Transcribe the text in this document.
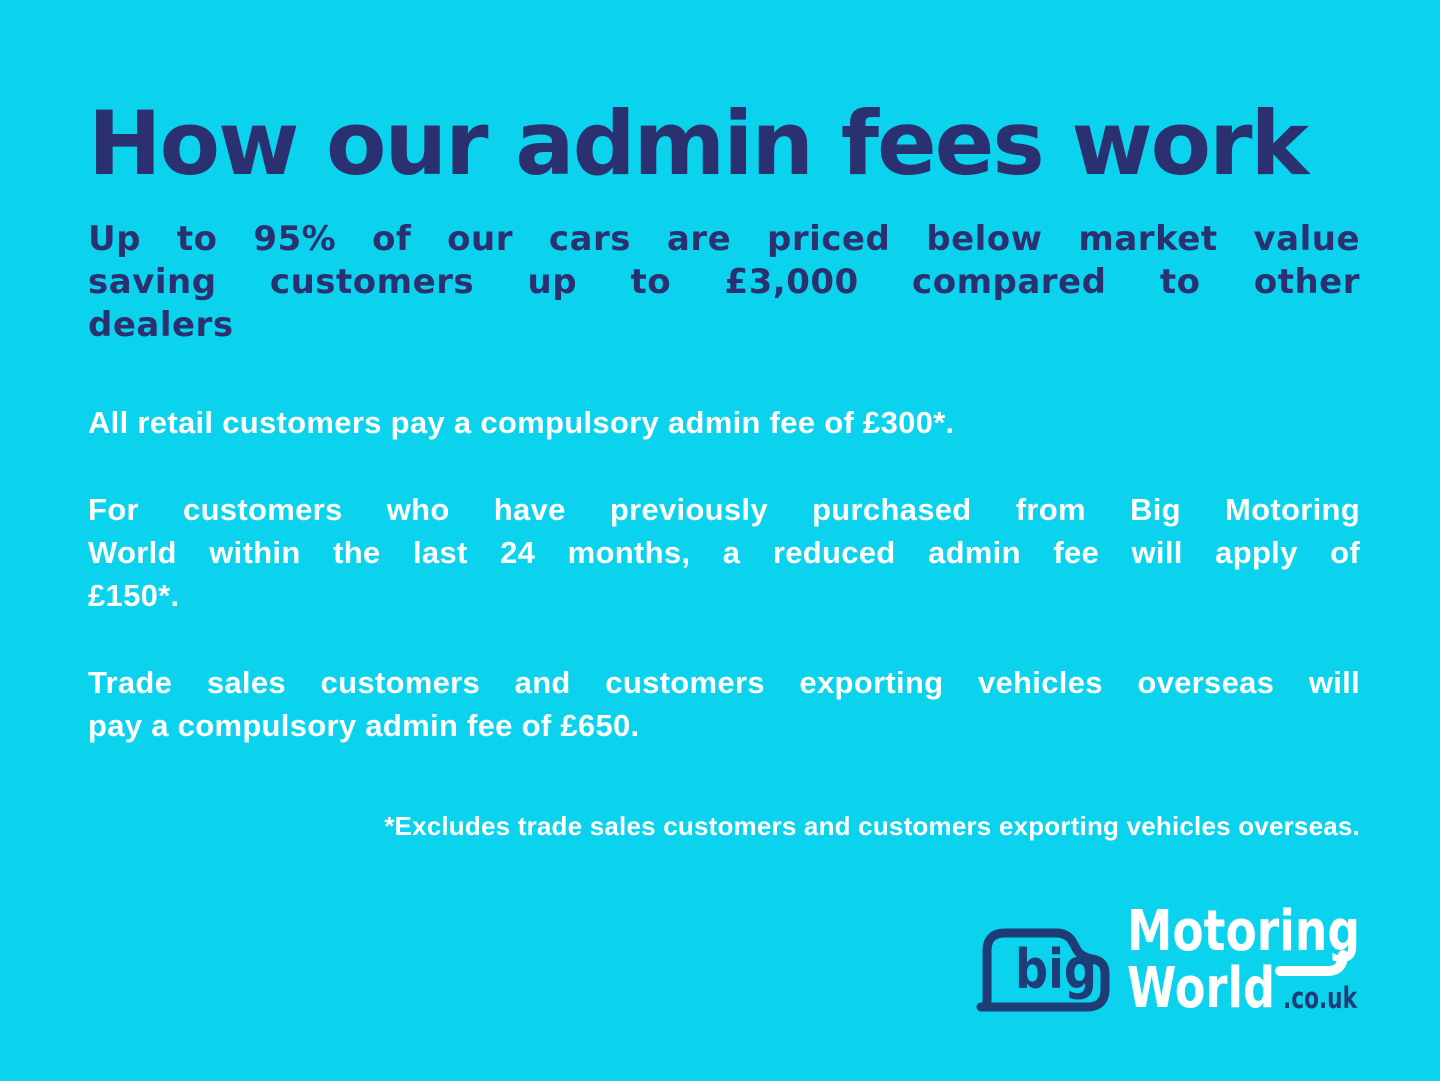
How our admin fees work
Up to 95% of our cars are priced below market value
saving customers up to £3,000 compared to other
dealers
All retail customers pay a compulsory admin fee of £300*.
For customers who have previously purchased from Big Motoring
World within the last 24 months, a reduced admin fee will apply of
£150*.
Trade sales customers and customers exporting vehicles overseas will
pay a compulsory admin fee of £650.
*Excludes trade sales customers and customers exporting vehicles overseas.
big
Motoring
World .co.uk
